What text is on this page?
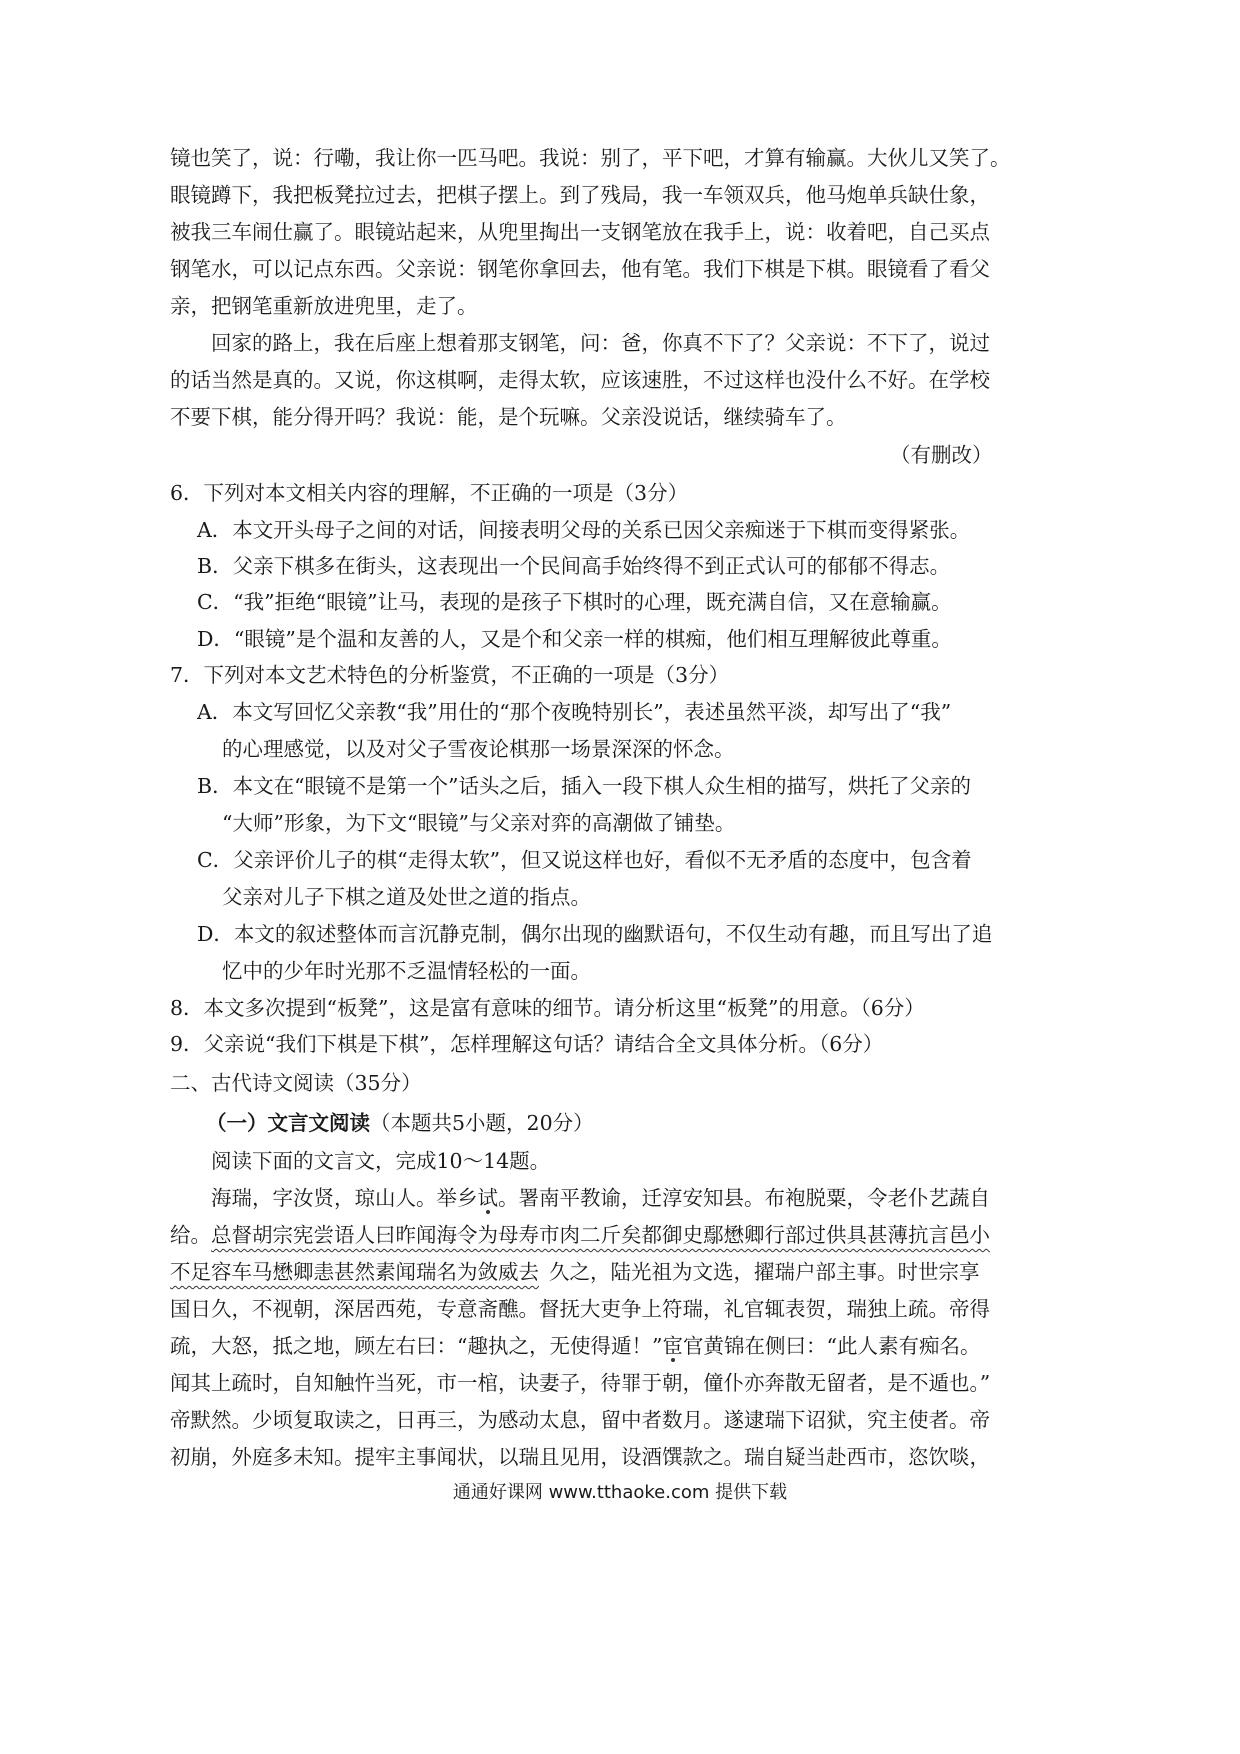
镜也笑了，说：行嘞，我让你一匹马吧。我说：别了，平下吧，才算有输赢。大伙儿又笑了。
眼镜蹲下，我把板凳拉过去，把棋子摆上。到了残局，我一车领双兵，他马炮单兵缺仕象，
被我三车闹仕赢了。眼镜站起来，从兜里掏出一支钢笔放在我手上，说：收着吧，自己买点
钢笔水，可以记点东西。父亲说：钢笔你拿回去，他有笔。我们下棋是下棋。眼镜看了看父
亲，把钢笔重新放进兜里，走了。
回家的路上，我在后座上想着那支钢笔，问：爸，你真不下了？父亲说：不下了，说过
的话当然是真的。又说，你这棋啊，走得太软，应该速胜，不过这样也没什么不好。在学校
不要下棋，能分得开吗？我说：能，是个玩嘛。父亲没说话，继续骑车了。
（有删改）
6．下列对本文相关内容的理解，不正确的一项是（3分）
A．本文开头母子之间的对话，间接表明父母的关系已因父亲痴迷于下棋而变得紧张。
B．父亲下棋多在街头，这表现出一个民间高手始终得不到正式认可的郁郁不得志。
C．“我”拒绝“眼镜”让马，表现的是孩子下棋时的心理，既充满自信，又在意输赢。
D．“眼镜”是个温和友善的人，又是个和父亲一样的棋痴，他们相互理解彼此尊重。
7．下列对本文艺术特色的分析鉴赏，不正确的一项是（3分）
A．本文写回忆父亲教“我”用仕的“那个夜晚特别长”，表述虽然平淡，却写出了“我”
的心理感觉，以及对父子雪夜论棋那一场景深深的怀念。
B．本文在“眼镜不是第一个”话头之后，插入一段下棋人众生相的描写，烘托了父亲的
“大师”形象，为下文“眼镜”与父亲对弈的高潮做了铺垫。
C．父亲评价儿子的棋“走得太软”，但又说这样也好，看似不无矛盾的态度中，包含着
父亲对儿子下棋之道及处世之道的指点。
D．本文的叙述整体而言沉静克制，偶尔出现的幽默语句，不仅生动有趣，而且写出了追
忆中的少年时光那不乏温情轻松的一面。
8．本文多次提到“板凳”，这是富有意味的细节。请分析这里“板凳”的用意。（6分）
9．父亲说“我们下棋是下棋”，怎样理解这句话？请结合全文具体分析。（6分）
二、古代诗文阅读（35分）
（一）文言文阅读（本题共5小题，20分）
阅读下面的文言文，完成10～14题。
海瑞，字汝贤，琼山人。举乡试。署南平教谕，迁淳安知县。布袍脱粟，令老仆艺蔬自
给。总督胡宗宪尝语人曰昨闻海令为母寿市肉二斤矣都御史鄢懋卿行部过供具甚薄抗言邑小
不足容车马懋卿恚甚然素闻瑞名为敛威去 久之，陆光祖为文选，擢瑞户部主事。时世宗享
国日久，不视朝，深居西苑，专意斋醮。督抚大吏争上符瑞，礼官辄表贺，瑞独上疏。帝得
疏，大怒，抵之地，顾左右曰：“趣执之，无使得遁！”宦官黄锦在侧曰：“此人素有痴名。
闻其上疏时，自知触忤当死，市一棺，诀妻子，待罪于朝，僮仆亦奔散无留者，是不遁也。”
帝默然。少顷复取读之，日再三，为感动太息，留中者数月。遂逮瑞下诏狱，究主使者。帝
初崩，外庭多未知。提牢主事闻状，以瑞且见用，设酒馔款之。瑞自疑当赴西市，恣饮啖，
通通好课网 www.tthaoke.com 提供下载
